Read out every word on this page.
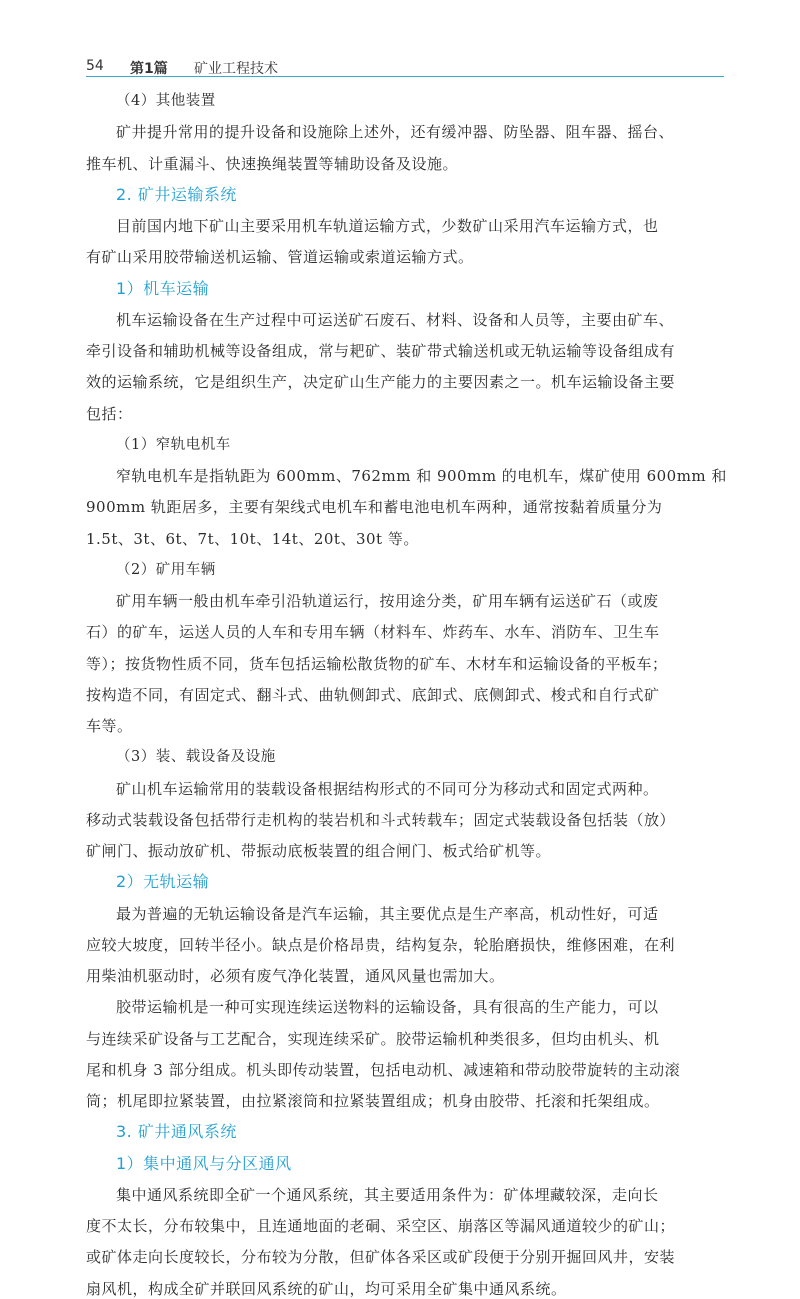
54 第1篇 矿业工程技术
（4）其他装置
矿井提升常用的提升设备和设施除上述外，还有缓冲器、防坠器、阻车器、摇台、
推车机、计重漏斗、快速换绳装置等辅助设备及设施。
2. 矿井运输系统
目前国内地下矿山主要采用机车轨道运输方式，少数矿山采用汽车运输方式，也
有矿山采用胶带输送机运输、管道运输或索道运输方式。
1）机车运输
机车运输设备在生产过程中可运送矿石废石、材料、设备和人员等，主要由矿车、
牵引设备和辅助机械等设备组成，常与耙矿、装矿带式输送机或无轨运输等设备组成有
效的运输系统，它是组织生产，决定矿山生产能力的主要因素之一。机车运输设备主要
包括：
（1）窄轨电机车
窄轨电机车是指轨距为 600mm、762mm 和 900mm 的电机车，煤矿使用 600mm 和
900mm 轨距居多，主要有架线式电机车和蓄电池电机车两种，通常按黏着质量分为
1.5t、3t、6t、7t、10t、14t、20t、30t 等。
（2）矿用车辆
矿用车辆一般由机车牵引沿轨道运行，按用途分类，矿用车辆有运送矿石（或废
石）的矿车，运送人员的人车和专用车辆（材料车、炸药车、水车、消防车、卫生车
等）；按货物性质不同，货车包括运输松散货物的矿车、木材车和运输设备的平板车；
按构造不同，有固定式、翻斗式、曲轨侧卸式、底卸式、底侧卸式、梭式和自行式矿
车等。
（3）装、载设备及设施
矿山机车运输常用的装载设备根据结构形式的不同可分为移动式和固定式两种。
移动式装载设备包括带行走机构的装岩机和斗式转载车；固定式装载设备包括装（放）
矿闸门、振动放矿机、带振动底板装置的组合闸门、板式给矿机等。
2）无轨运输
最为普遍的无轨运输设备是汽车运输，其主要优点是生产率高，机动性好，可适
应较大坡度，回转半径小。缺点是价格昂贵，结构复杂，轮胎磨损快，维修困难，在利
用柴油机驱动时，必须有废气净化装置，通风风量也需加大。
胶带运输机是一种可实现连续运送物料的运输设备，具有很高的生产能力，可以
与连续采矿设备与工艺配合，实现连续采矿。胶带运输机种类很多，但均由机头、机
尾和机身 3 部分组成。机头即传动装置，包括电动机、减速箱和带动胶带旋转的主动滚
筒；机尾即拉紧装置，由拉紧滚筒和拉紧装置组成；机身由胶带、托滚和托架组成。
3. 矿井通风系统
1）集中通风与分区通风
集中通风系统即全矿一个通风系统，其主要适用条件为：矿体埋藏较深，走向长
度不太长，分布较集中，且连通地面的老硐、采空区、崩落区等漏风通道较少的矿山；
或矿体走向长度较长，分布较为分散，但矿体各采区或矿段便于分别开掘回风井，安装
扇风机，构成全矿并联回风系统的矿山，均可采用全矿集中通风系统。
